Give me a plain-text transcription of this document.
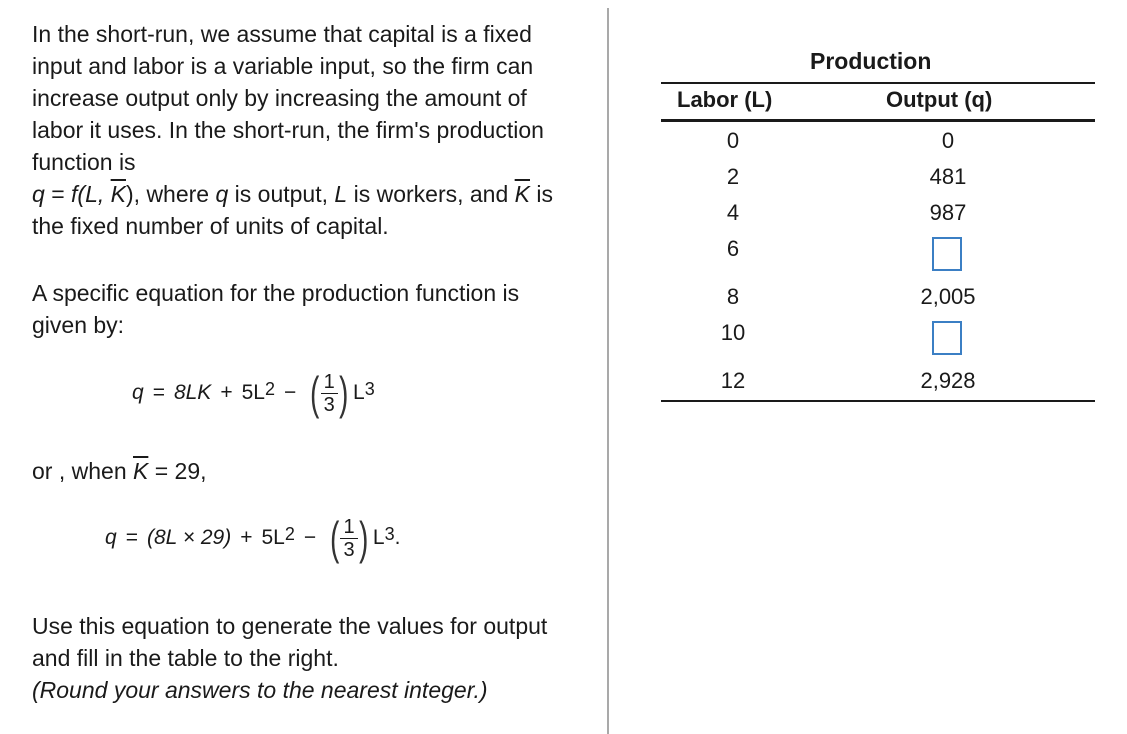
In the short-run, we assume that capital is a fixed input and labor is a variable input, so the firm can increase output only by increasing the amount of labor it uses. In the short-run, the firm's production function is
q = f(L, $\overline{K}$), where q is output, L is workers, and $\overline{K}$ is the fixed number of units of capital.

A specific equation for the production function is given by:

$q = 8LK + 5L^2$ − ( $\frac{1}{3}$ ) $L^3$

or , when $\overline{K} = 29$,

$q = (8L \times 29) + 5L^2$ − ( $\frac{1}{3}$ ) $L^3$ .

Use this equation to generate the values for output and fill in the table to the right.
(Round your answers to the nearest integer.)

Production
Labor (L)	Output (q)
0	0
2	481
4	987
6
8	2,005
10
12	2,928
